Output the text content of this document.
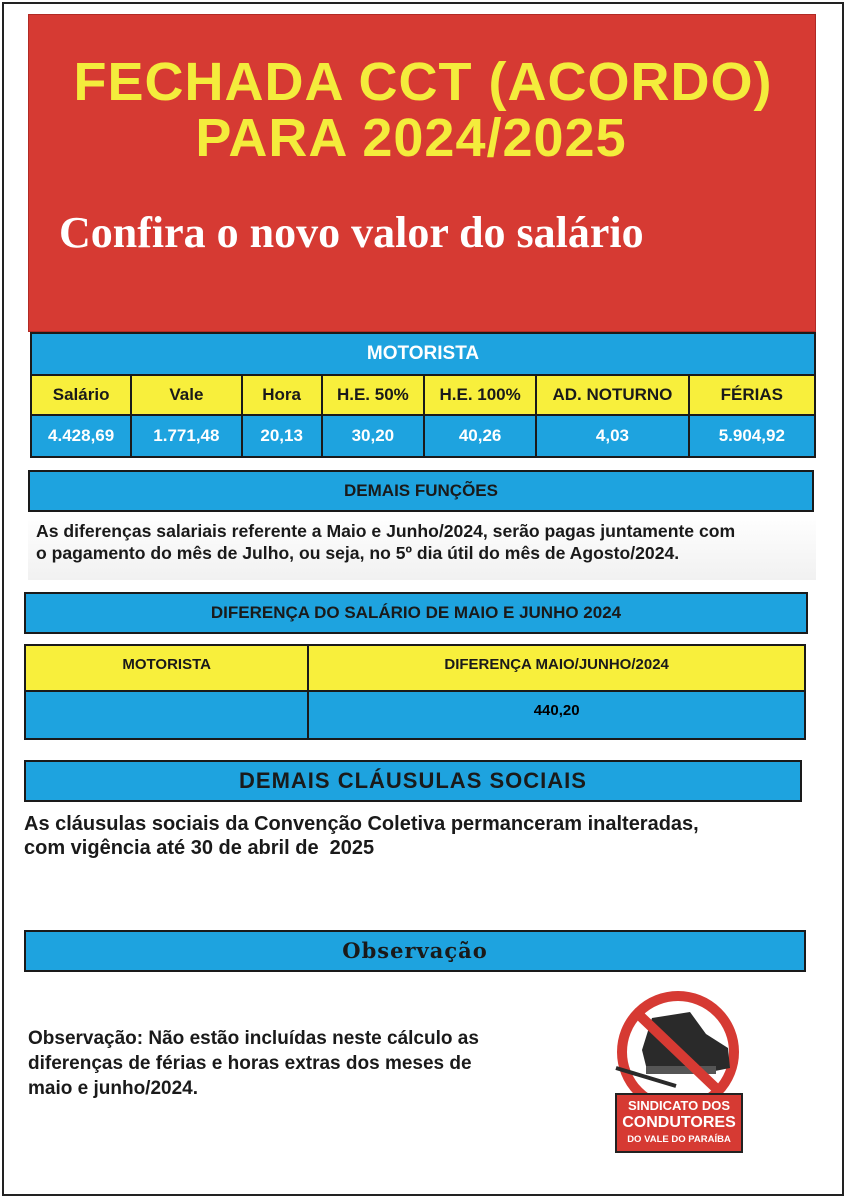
FECHADA CCT (ACORDO)
PARA 2024/2025
Confira o novo valor do salário
MOTORISTA						
Salário	Vale	Hora	H.E. 50%	H.E. 100%	AD. NOTURNO	FÉRIAS
4.428,69	1.771,48	20,13	30,20	40,26	4,03	5.904,92
DEMAIS FUNÇÕES
As diferenças salariais referente a Maio e Junho/2024, serão pagas juntamente com
o pagamento do mês de Julho, ou seja, no 5º dia útil do mês de Agosto/2024.
DIFERENÇA DO SALÁRIO DE MAIO E JUNHO 2024
MOTORISTA	DIFERENÇA MAIO/JUNHO/2024
	440,20
DEMAIS CLÁUSULAS SOCIAIS
As cláusulas sociais da Convenção Coletiva permanceram inalteradas,
com vigência até 30 de abril de  2025
Observação
Observação: Não estão incluídas neste cálculo as
diferenças de férias e horas extras dos meses de
maio e junho/2024.
SINDICATO DOS
CONDUTORES
DO VALE DO PARAÍBA
